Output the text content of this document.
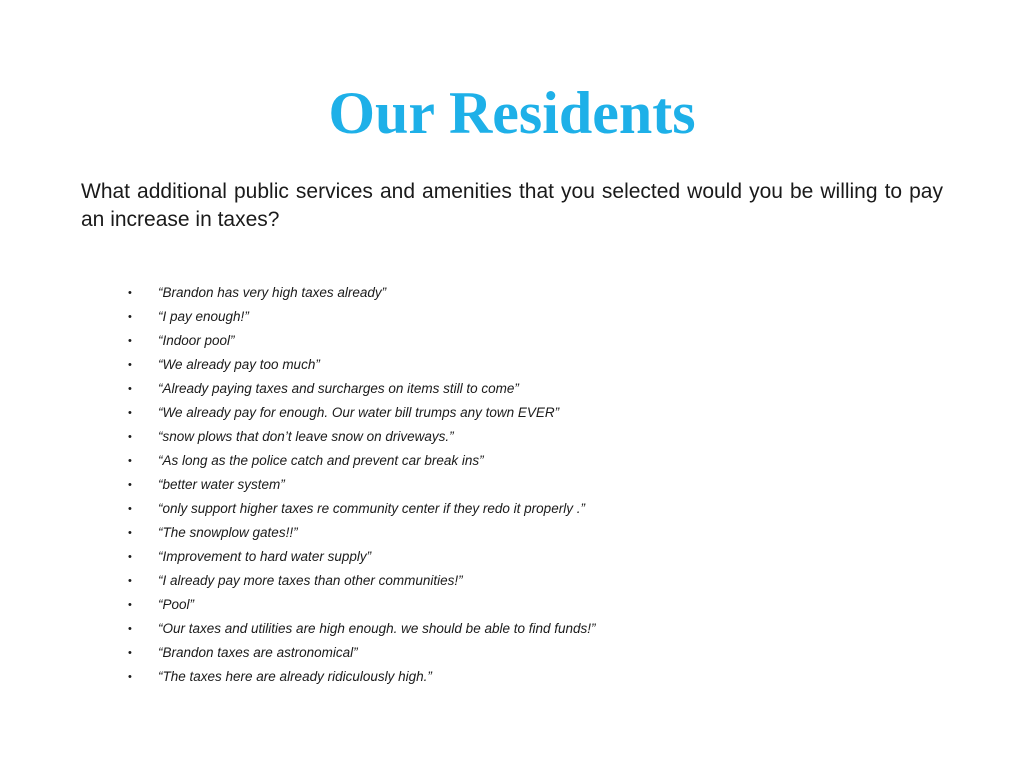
Our Residents

What additional public services and amenities that you selected would you be willing to pay an increase in taxes?

•	“Brandon has very high taxes already”
•	“I pay enough!”
•	“Indoor pool”
•	“We already pay too much”
•	“Already paying taxes and surcharges on items still to come”
•	“We already pay for enough. Our water bill trumps any town EVER”
•	“snow plows that don’t leave snow on driveways.”
•	“As long as the police catch and prevent car break ins”
•	“better water system”
•	“only support higher taxes re community center if they redo it properly .”
•	“The snowplow gates!!”
•	“Improvement to hard water supply”
•	“I already pay more taxes than other communities!”
•	“Pool”
•	“Our taxes and utilities are high enough. we should be able to find funds!”
•	“Brandon taxes are astronomical”
•	“The taxes here are already ridiculously high.”
